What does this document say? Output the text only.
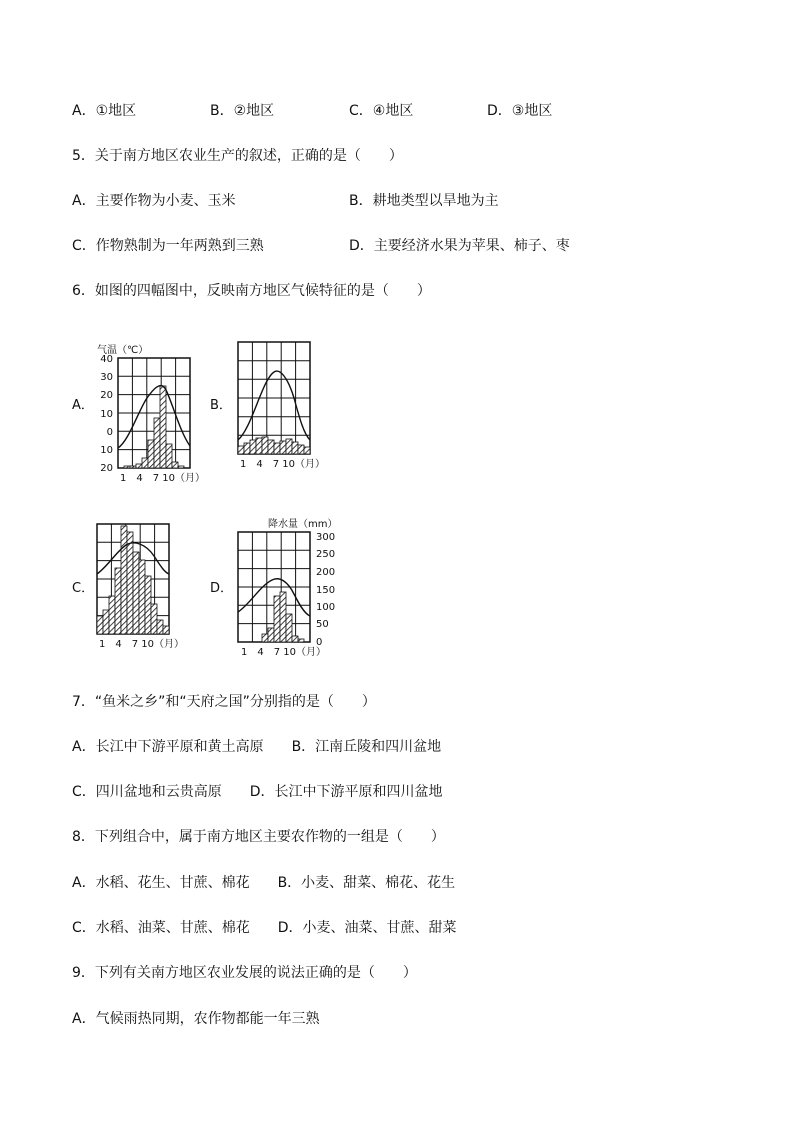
A．①地区	B．②地区	C．④地区	D．③地区
5．关于南方地区农业生产的叙述，正确的是（　　）
A．主要作物为小麦、玉米	B．耕地类型以旱地为主
C．作物熟制为一年两熟到三熟	D．主要经济水果为苹果、柿子、枣
6．如图的四幅图中，反映南方地区气候特征的是（　　）
A．	B．
C．	D．
气温（℃）
40
30
20
10
0
10
20
1　4　7 10（月）
1　4　7 10（月）
1　4　7 10（月）
降水量（mm）
300
250
200
150
100
50
0
1　4　7 10（月）
7．“鱼米之乡”和“天府之国”分别指的是（　　）
A．长江中下游平原和黄土高原　　B．江南丘陵和四川盆地
C．四川盆地和云贵高原　　D．长江中下游平原和四川盆地
8．下列组合中，属于南方地区主要农作物的一组是（　　）
A．水稻、花生、甘蔗、棉花　　B．小麦、甜菜、棉花、花生
C．水稻、油菜、甘蔗、棉花　　D．小麦、油菜、甘蔗、甜菜
9．下列有关南方地区农业发展的说法正确的是（　　）
A．气候雨热同期，农作物都能一年三熟
